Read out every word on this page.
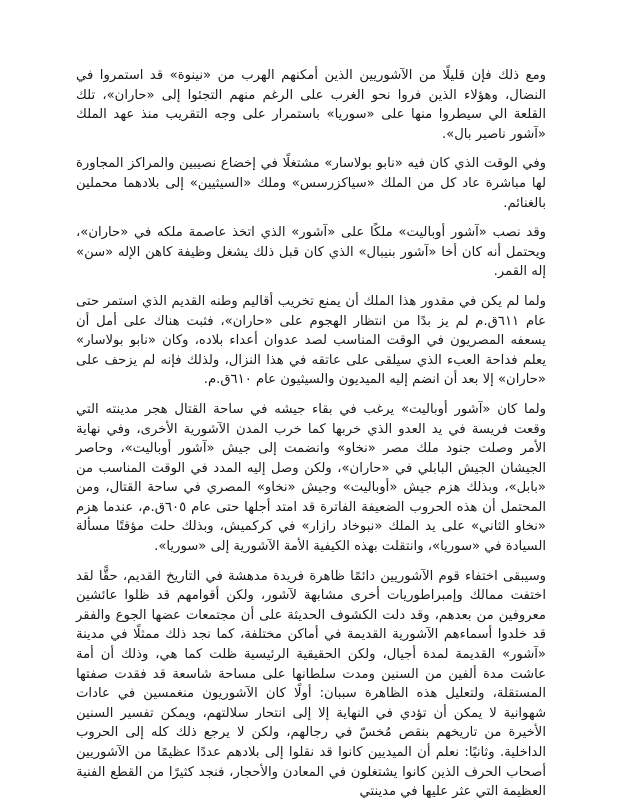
ومع ذلك فإن قليلًا من الآشوريين الذين أمكنهم الهرب من «نينوة» قد استمروا في النضال، وهؤلاء الذين فروا نحو الغرب على الرغم منهم التجئوا إلى «حاران»، تلك القلعة الي سيطروا منها على «سوريا» باستمرار على وجه التقريب منذ عهد الملك «آشور ناصير بال».

وفي الوقت الذي كان فيه «نابو بولاسار» مشتغلًا في إخضاع نصيبين والمراكز المجاورة لها مباشرة عاد كل من الملك «سياكزرسس» وملك «السيثيين» إلى بلادهما محملين بالغنائم.

وقد نصب «آشور أوباليت» ملكًا على «آشور» الذي اتخذ عاصمة ملكه في «حاران»، ويحتمل أنه كان أخا «آشور بنيبال» الذي كان قبل ذلك يشغل وظيفة كاهن الإله «سن» إله القمر.

ولما لم يكن في مقدور هذا الملك أن يمنع تخريب أقاليم وطنه القديم الذي استمر حتى عام ٦١١ق.م لم يز بدًا من انتظار الهجوم على «حاران»، فثبت هناك على أمل أن يسعفه المصريون في الوقت المناسب لصد عدوان أعداء بلاده، وكان «نابو بولاسار» يعلم فداحة العبء الذي سيلقى على عاتقه في هذا النزال، ولذلك فإنه لم يزحف على «حاران» إلا بعد أن انضم إليه الميديون والسيثيون عام ٦١٠ق.م.

ولما كان «آشور أوباليت» يرغب في بقاء جيشه في ساحة القتال هجر مدينته التي وقعت فريسة في يد العدو الذي خربها كما خرب المدن الآشورية الأخرى، وفي نهاية الأمر وصلت جنود ملك مصر «نخاو» وانضمت إلى جيش «آشور أوباليت»، وحاصر الجيشان الجيش البابلي في «حاران»، ولكن وصل إليه المدد في الوقت المناسب من «بابل»، وبذلك هزم جيش «أوباليت» وجيش «نخاو» المصري في ساحة القتال، ومن المحتمل أن هذه الحروب الضعيفة الفاترة قد امتد أجلها حتى عام ٦٠٥ق.م، عندما هزم «نخاو الثاني» على يد الملك «نبوخاد رازار» في كركميش، وبذلك حلت مؤقتًا مسألة السيادة في «سوريا»، وانتقلت بهذه الكيفية الأمة الآشورية إلى «سوريا».

وسيبقى اختفاء قوم الآشوريين دائمًا ظاهرة فريدة مدهشة في التاريخ القديم، حقًّا لقد اختفت ممالك وإمبراطوريات أخرى مشابهة لآشور، ولكن أقوامهم قد ظلوا عائشين معروفين من بعدهم، وقد دلت الكشوف الحديثة على أن مجتمعات عضها الجوع والفقر قد خلدوا أسماءهم الآشورية القديمة في أماكن مختلفة، كما نجد ذلك ممثلًا في مدينة «آشور» القديمة لمدة أجيال، ولكن الحقيقية الرئيسية ظلت كما هي، وذلك أن أمة عاشت مدة ألفين من السنين ومدت سلطانها على مساحة شاسعة قد فقدت صفتها المستقلة، ولتعليل هذه الظاهرة سببان: أولًا كان الآشوريون منغمسين في عادات شهوانية لا يمكن أن تؤدي في النهاية إلا إلى انتحار سلالتهم، ويمكن تفسير السنين الأخيرة من تاريخهم بنقص مُخسّ في رجالهم، ولكن لا يرجع ذلك كله إلى الحروب الداخلية. وثانيًا: نعلم أن الميديين كانوا قد نقلوا إلى بلادهم عددًا عظيمًا من الآشوريين أصحاب الحرف الذين كانوا يشتغلون في المعادن والأحجار، فنجد كثيرًا من القطع الفنية العظيمة التي عثر عليها في مدينتي

٠
